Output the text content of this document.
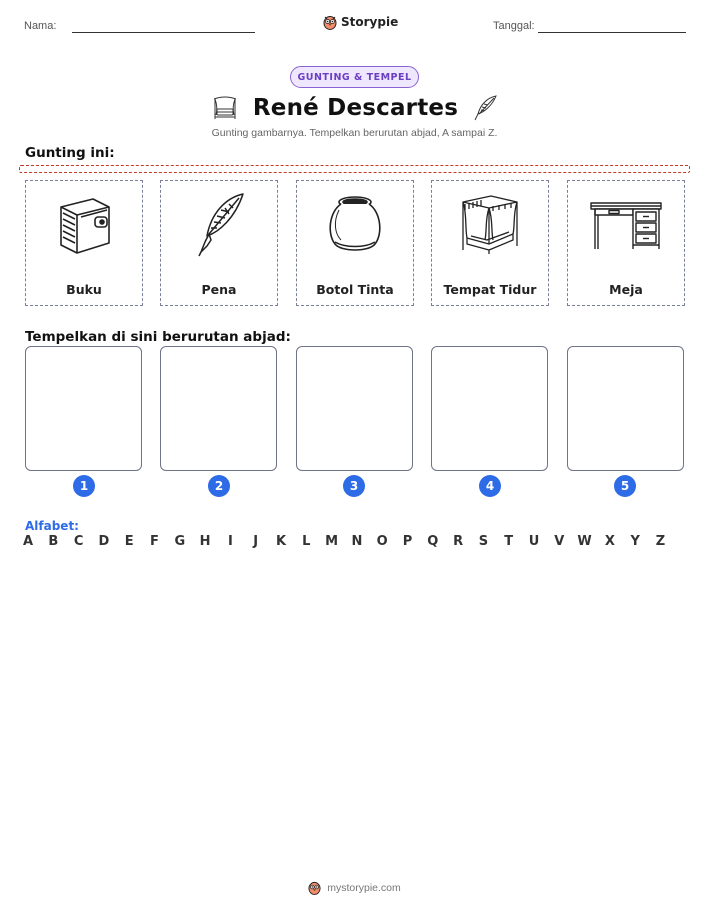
Nama:	Storypie	Tanggal:
GUNTING & TEMPEL
René Descartes
Gunting gambarnya. Tempelkan berurutan abjad, A sampai Z.
Gunting ini:
Buku	Pena	Botol Tinta	Tempat Tidur	Meja
Tempelkan di sini berurutan abjad:
1	2	3	4	5
Alfabet:
A	B	C	D	E	F	G	H	I	J	K	L	M	N	O	P	Q	R	S	T	U	V	W	X	Y	Z
mystorypie.com
